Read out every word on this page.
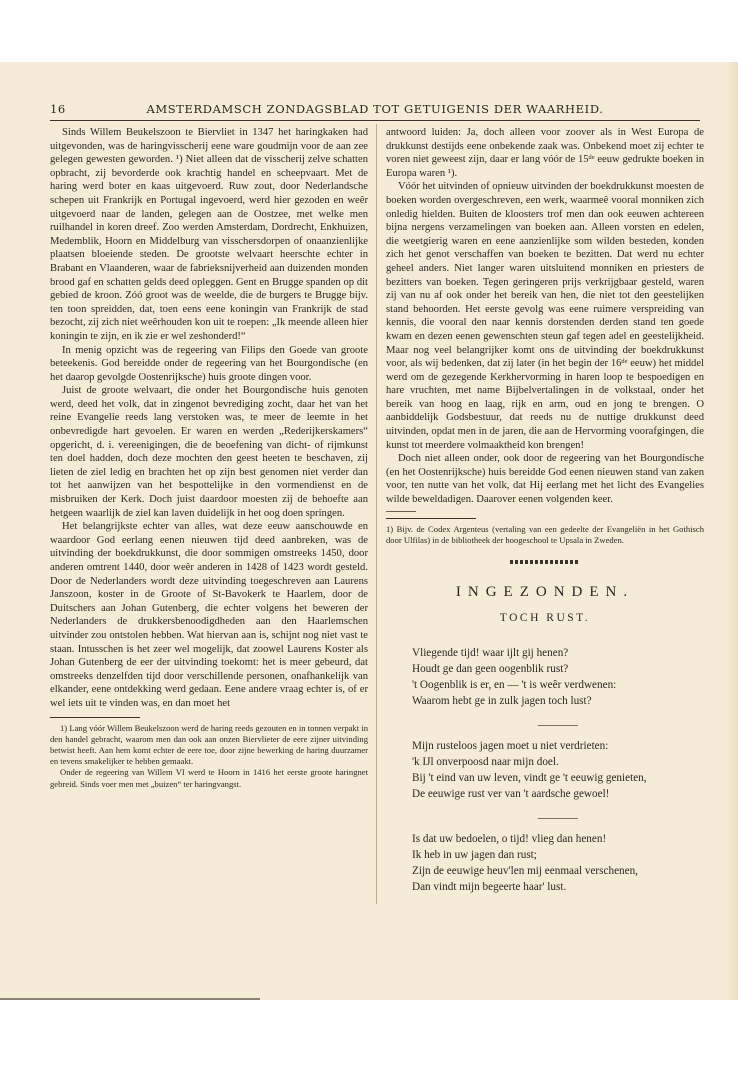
16	AMSTERDAMSCH ZONDAGSBLAD TOT GETUIGENIS DER WAARHEID.

Sinds Willem Beukelszoon te Biervliet in 1347 het haringkaken had uitgevonden, was de haringvisscherij eene ware goudmijn voor de aan zee gelegen gewesten geworden. ¹) Niet alleen dat de visscherij zelve schatten opbracht, zij bevorderde ook krachtig handel en scheepvaart. Met de haring werd boter en kaas uitgevoerd. Ruw zout, door Nederlandsche schepen uit Frankrijk en Portugal ingevoerd, werd hier gezoden en weêr uitgevoerd naar de landen, gelegen aan de Oostzee, met welke men ruilhandel in koren dreef. Zoo werden Amsterdam, Dordrecht, Enkhuizen, Medemblik, Hoorn en Middelburg van visschersdorpen of onaanzienlijke plaatsen bloeiende steden. De grootste welvaart heerschte echter in Brabant en Vlaanderen, waar de fabrieksnijverheid aan duizenden monden brood gaf en schatten gelds deed opleggen. Gent en Brugge spanden op dit gebied de kroon. Zóó groot was de weelde, die de burgers te Brugge bijv. ten toon spreidden, dat, toen eens eene koningin van Frankrijk de stad bezocht, zij zich niet weêrhouden kon uit te roepen: „Ik meende alleen hier koningin te zijn, en ik zie er wel zeshonderd!“

In menig opzicht was de regeering van Filips den Goede van groote beteekenis. God bereidde onder de regeering van het Bourgondische (en het daarop gevolgde Oostenrijksche) huis groote dingen voor.

Juist de groote welvaart, die onder het Bourgondische huis genoten werd, deed het volk, dat in zingenot bevrediging zocht, daar het van het reine Evangelie reeds lang verstoken was, te meer de leemte in het onbevredigde hart gevoelen. Er waren en werden „Rederijkerskamers“ opgericht, d. i. vereenigingen, die de beoefening van dicht- of rijmkunst ten doel hadden, doch deze mochten den geest heeten te beschaven, zij lieten de ziel ledig en brachten het op zijn best genomen niet verder dan tot het aanwijzen van het bespottelijke in den vormendienst en de misbruiken der Kerk. Doch juist daardoor moesten zij de behoefte aan hetgeen waarlijk de ziel kan laven duidelijk in het oog doen springen.

Het belangrijkste echter van alles, wat deze eeuw aanschouwde en waardoor God eerlang eenen nieuwen tijd deed aanbreken, was de uitvinding der boekdrukkunst, die door sommigen omstreeks 1450, door anderen omtrent 1440, door weêr anderen in 1428 of 1423 wordt gesteld. Door de Nederlanders wordt deze uitvinding toegeschreven aan Laurens Janszoon, koster in de Groote of St-Bavokerk te Haarlem, door de Duitschers aan Johan Gutenberg, die echter volgens het beweren der Nederlanders de drukkersbenoodigdheden aan den Haarlemschen uitvinder zou ontstolen hebben. Wat hiervan aan is, schijnt nog niet vast te staan. Intusschen is het zeer wel mogelijk, dat zoowel Laurens Koster als Johan Gutenberg de eer der uitvinding toekomt: het is meer gebeurd, dat omstreeks denzelfden tijd door verschillende personen, onafhankelijk van elkander, eene ontdekking werd gedaan. Eene andere vraag echter is, of er wel iets uit te vinden was, en dan moet het

1) Lang vóór Willem Beukelszoon werd de haring reeds gezouten en in tonnen verpakt in den handel gebracht, waarom men dan ook aan onzen Biervlieter de eere zijner uitvinding betwist heeft. Aan hem komt echter de eere toe, door zijne bewerking de haring duurzamer en tevens smakelijker te hebben gemaakt.

Onder de regeering van Willem VI werd te Hoorn in 1416 het eerste groote haringnet gebreid. Sinds voer men met „buizen“ ter haringvangst.

antwoord luiden: Ja, doch alleen voor zoover als in West Europa de drukkunst destijds eene onbekende zaak was. Onbekend moet zij echter te voren niet geweest zijn, daar er lang vóór de 15ᵈᵉ eeuw gedrukte boeken in Europa waren ¹).

Vóór het uitvinden of opnieuw uitvinden der boekdrukkunst moesten de boeken worden overgeschreven, een werk, waarmeê vooral monniken zich onledig hielden. Buiten de kloosters trof men dan ook eeuwen achtereen bijna nergens verzamelingen van boeken aan. Alleen vorsten en edelen, die weetgierig waren en eene aanzienlijke som wilden besteden, konden zich het genot verschaffen van boeken te bezitten. Dat werd nu echter geheel anders. Niet langer waren uitsluitend monniken en priesters de bezitters van boeken. Tegen geringeren prijs verkrijgbaar gesteld, waren zij van nu af ook onder het bereik van hen, die niet tot den geestelijken stand behoorden. Het eerste gevolg was eene ruimere verspreiding van kennis, die vooral den naar kennis dorstenden derden stand ten goede kwam en dezen eenen gewenschten steun gaf tegen adel en geestelijkheid. Maar nog veel belangrijker komt ons de uitvinding der boekdrukkunst voor, als wij bedenken, dat zij later (in het begin der 16ᵈᵉ eeuw) het middel werd om de gezegende Kerkhervorming in haren loop te bespoedigen en hare vruchten, met name Bijbelvertalingen in de volkstaal, onder het bereik van hoog en laag, rijk en arm, oud en jong te brengen. O aanbiddelijk Godsbestuur, dat reeds nu de nuttige drukkunst deed uitvinden, opdat men in de jaren, die aan de Hervorming voorafgingen, die kunst tot meerdere volmaaktheid kon brengen!

Doch niet alleen onder, ook door de regeering van het Bourgondische (en het Oostenrijksche) huis bereidde God eenen nieuwen stand van zaken voor, ten nutte van het volk, dat Hij eerlang met het licht des Evangelies wilde beweldadigen. Daarover eenen volgenden keer.

1) Bijv. de Codex Argenteus (vertaling van een gedeelte der Evangeliën in het Gothisch door Ulfilas) in de bibliotheek der hoogeschool te Upsala in Zweden.

INGEZONDEN.
TOCH RUST.
Vliegende tijd! waar ijlt gij henen?
Houdt ge dan geen oogenblik rust?
't Oogenblik is er, en — 't is weêr verdwenen:
Waarom hebt ge in zulk jagen toch lust?
Mijn rusteloos jagen moet u niet verdrieten:
'k IJl onverpoosd naar mijn doel.
Bij 't eind van uw leven, vindt ge 't eeuwig genieten,
De eeuwige rust ver van 't aardsche gewoel!
Is dat uw bedoelen, o tijd! vlieg dan henen!
Ik heb in uw jagen dan rust;
Zijn de eeuwige heuv'len mij eenmaal verschenen,
Dan vindt mijn begeerte haar' lust.
